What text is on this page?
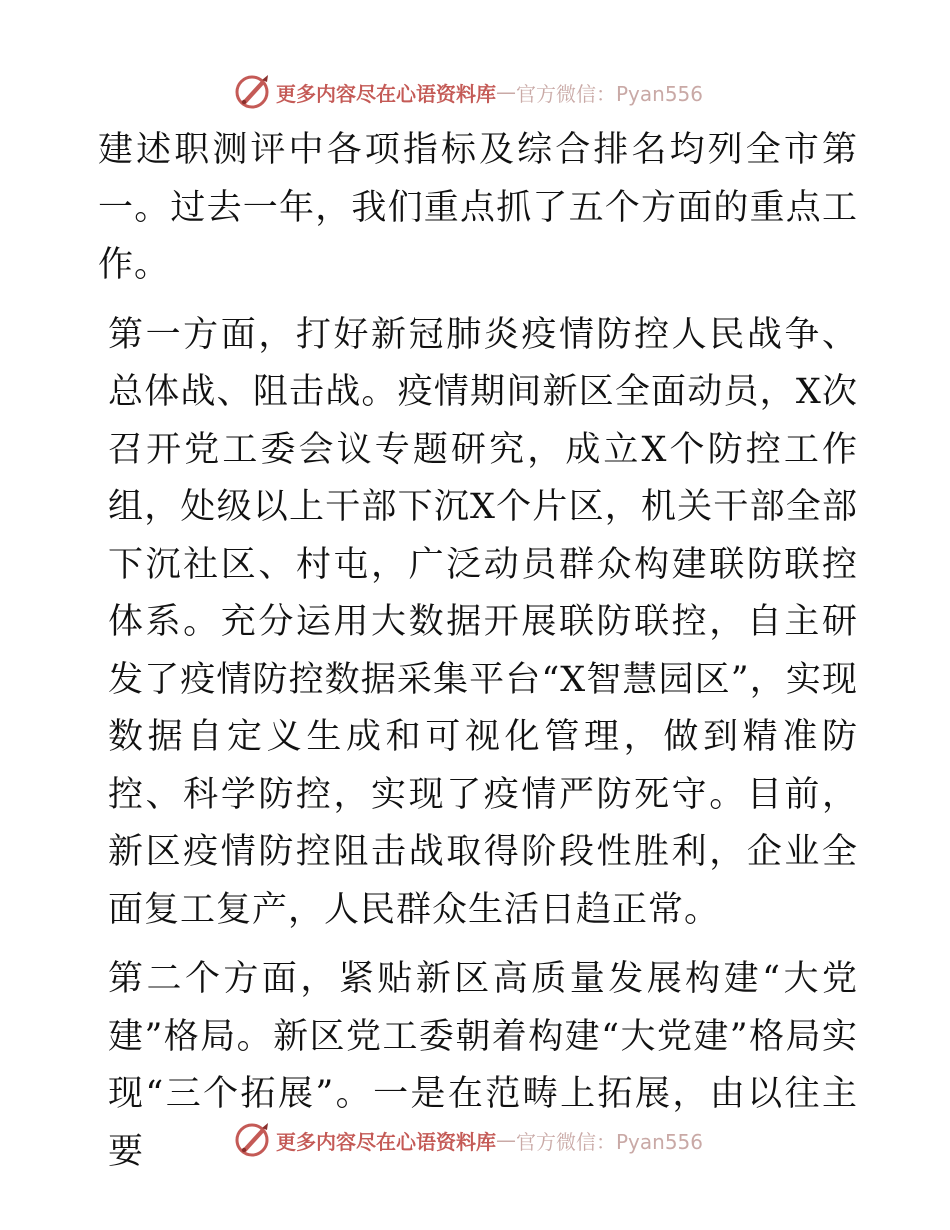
更多内容尽在心语资料库 — 官方微信：Pyan556

建述职测评中各项指标及综合排名均列全市第一。过去一年，我们重点抓了五个方面的重点工作。

第一方面，打好新冠肺炎疫情防控人民战争、总体战、阻击战。疫情期间新区全面动员，X次召开党工委会议专题研究，成立X个防控工作组，处级以上干部下沉X个片区，机关干部全部下沉社区、村屯，广泛动员群众构建联防联控体系。充分运用大数据开展联防联控，自主研发了疫情防控数据采集平台“X智慧园区”，实现数据自定义生成和可视化管理，做到精准防控、科学防控，实现了疫情严防死守。目前，新区疫情防控阻击战取得阶段性胜利，企业全面复工复产，人民群众生活日趋正常。

第二个方面，紧贴新区高质量发展构建“大党建”格局。新区党工委朝着构建“大党建”格局实现“三个拓展”。一是在范畴上拓展，由以往主要	更多内容尽在心语资料库 — 官方微信：Pyan556
